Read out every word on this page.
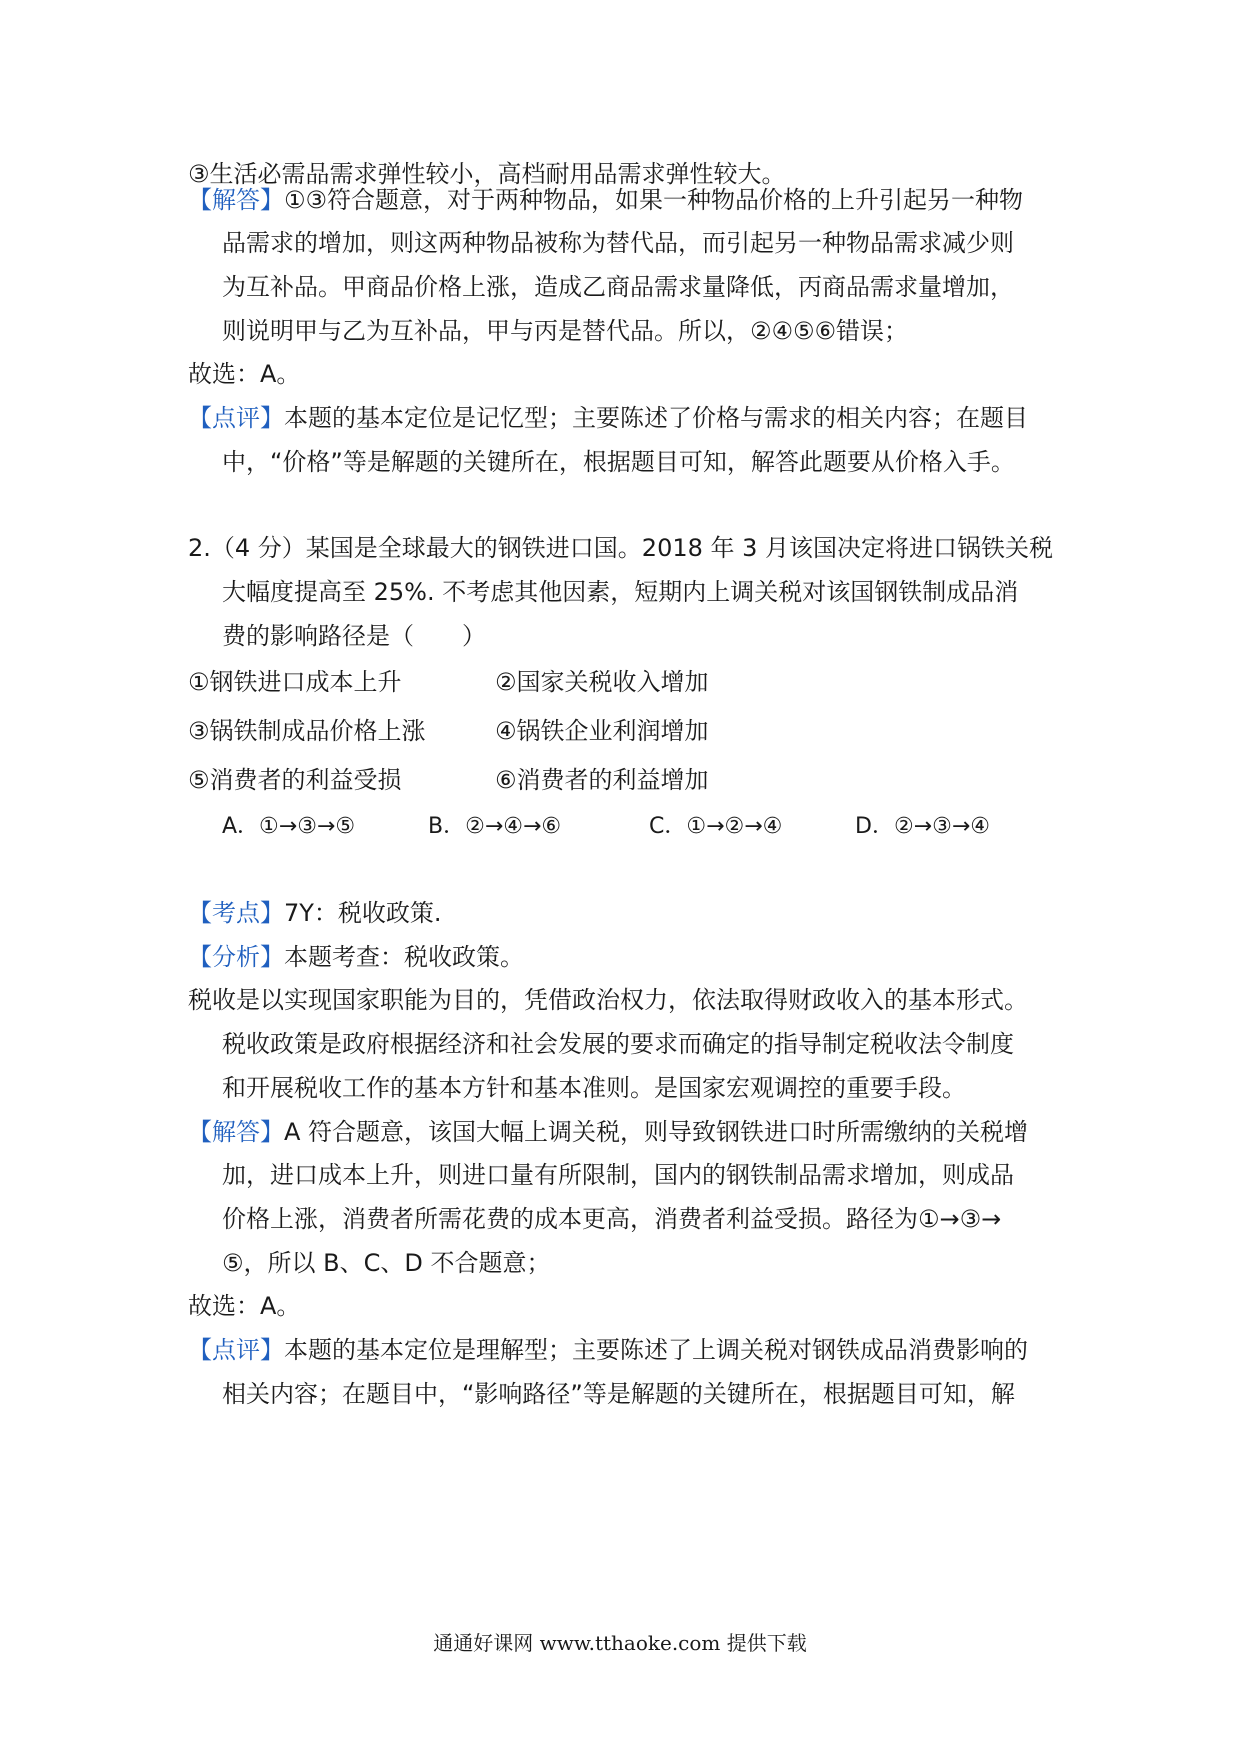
③生活必需品需求弹性较小，高档耐用品需求弹性较大。
【解答】①③符合题意，对于两种物品，如果一种物品价格的上升引起另一种物
品需求的增加，则这两种物品被称为替代品，而引起另一种物品需求减少则
为互补品。甲商品价格上涨，造成乙商品需求量降低，丙商品需求量增加，
则说明甲与乙为互补品，甲与丙是替代品。所以，②④⑤⑥错误；
故选：A。
【点评】本题的基本定位是记忆型；主要陈述了价格与需求的相关内容；在题目
中，“价格”等是解题的关键所在，根据题目可知，解答此题要从价格入手。
2.（4 分）某国是全球最大的钢铁进口国。2018 年 3 月该国决定将进口锅铁关税
大幅度提高至 25%. 不考虑其他因素，短期内上调关税对该国钢铁制成品消
费的影响路径是（　　）
①钢铁进口成本上升	②国家关税收入增加
③锅铁制成品价格上涨	④锅铁企业利润增加
⑤消费者的利益受损	⑥消费者的利益增加
A．①→③→⑤	B．②→④→⑥	C．①→②→④	D．②→③→④
【考点】7Y：税收政策.
【分析】本题考查：税收政策。
税收是以实现国家职能为目的，凭借政治权力，依法取得财政收入的基本形式。
税收政策是政府根据经济和社会发展的要求而确定的指导制定税收法令制度
和开展税收工作的基本方针和基本准则。是国家宏观调控的重要手段。
【解答】A 符合题意，该国大幅上调关税，则导致钢铁进口时所需缴纳的关税增
加，进口成本上升，则进口量有所限制，国内的钢铁制品需求增加，则成品
价格上涨，消费者所需花费的成本更高，消费者利益受损。路径为①→③→
⑤，所以 B、C、D 不合题意；
故选：A。
【点评】本题的基本定位是理解型；主要陈述了上调关税对钢铁成品消费影响的
相关内容；在题目中，“影响路径”等是解题的关键所在，根据题目可知，解
通通好课网 www.tthaoke.com 提供下载
